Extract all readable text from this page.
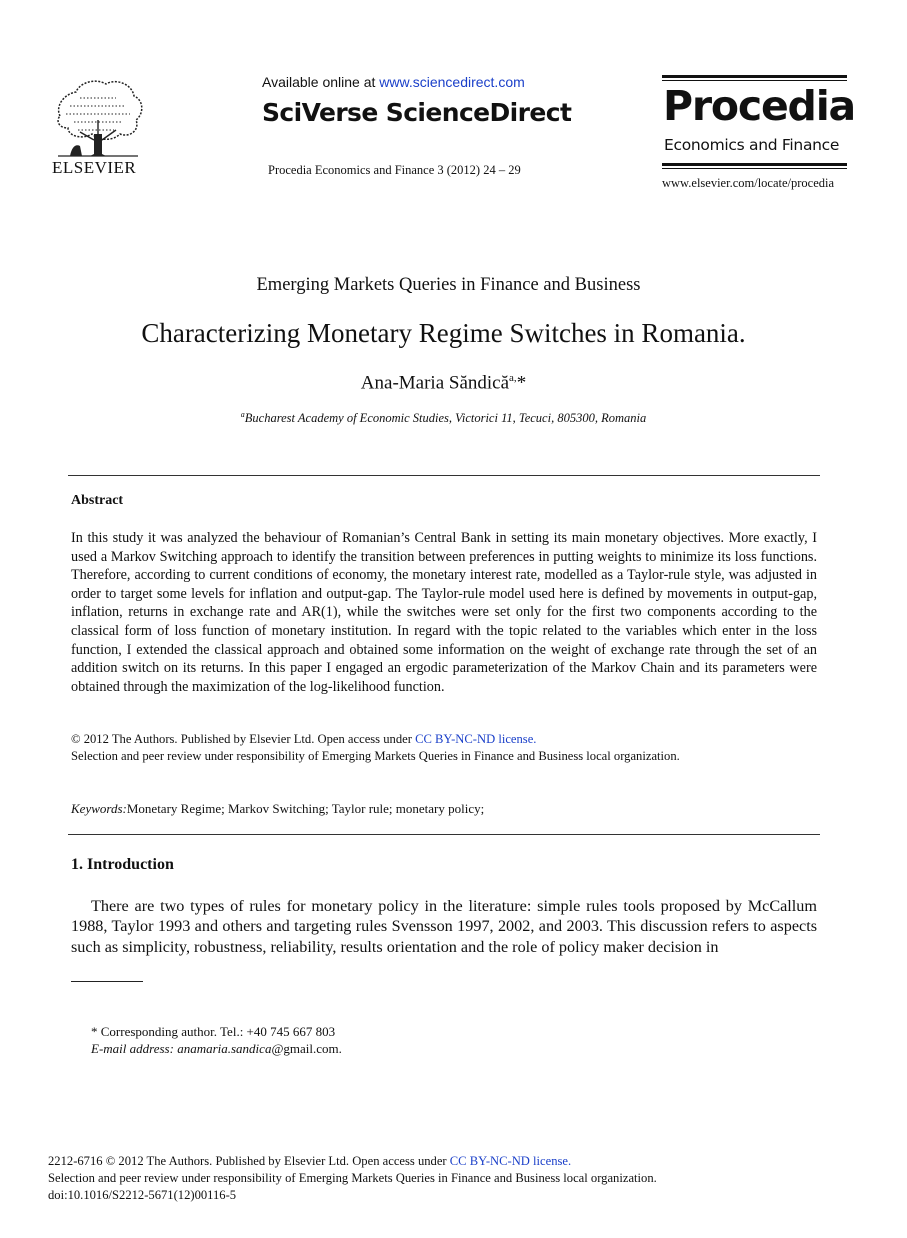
ELSEVIER
Available online at www.sciencedirect.com
SciVerse ScienceDirect
Procedia Economics and Finance 3 (2012) 24 – 29
Procedia
Economics and Finance
www.elsevier.com/locate/procedia
Emerging Markets Queries in Finance and Business
Characterizing Monetary Regime Switches in Romania.
Ana-Maria Săndică$^{a,}$*
$^a$Bucharest Academy of Economic Studies, Victorici 11, Tecuci, 805300, Romania
Abstract
In this study it was analyzed the behaviour of Romanian’s Central Bank in setting its main monetary objectives. More exactly, I used a Markov Switching approach to identify the transition between preferences in putting weights to minimize its loss functions. Therefore, according to current conditions of economy, the monetary interest rate, modelled as a Taylor-rule style, was adjusted in order to target some levels for inflation and output-gap. The Taylor-rule model used here is defined by movements in output-gap, inflation, returns in exchange rate and AR(1), while the switches were set only for the first two components according to the classical form of loss function of monetary institution. In regard with the topic related to the variables which enter in the loss function, I extended the classical approach and obtained some information on the weight of exchange rate through the set of an addition switch on its returns. In this paper I engaged an ergodic parameterization of the Markov Chain and its parameters were obtained through the maximization of the log-likelihood function.
© 2012 The Authors. Published by Elsevier Ltd. Open access under CC BY-NC-ND license.
Selection and peer review under responsibility of Emerging Markets Queries in Finance and Business local organization.
Keywords:Monetary Regime; Markov Switching; Taylor rule; monetary policy;
1. Introduction
There are two types of rules for monetary policy in the literature: simple rules tools proposed by McCallum 1988, Taylor 1993 and others and targeting rules Svensson 1997, 2002, and 2003. This discussion refers to aspects such as simplicity, robustness, reliability, results orientation and the role of policy maker decision in
* Corresponding author. Tel.: +40 745 667 803
E-mail address: anamaria.sandica@gmail.com.
2212-6716 © 2012 The Authors. Published by Elsevier Ltd. Open access under CC BY-NC-ND license.
Selection and peer review under responsibility of Emerging Markets Queries in Finance and Business local organization.
doi:10.1016/S2212-5671(12)00116-5
